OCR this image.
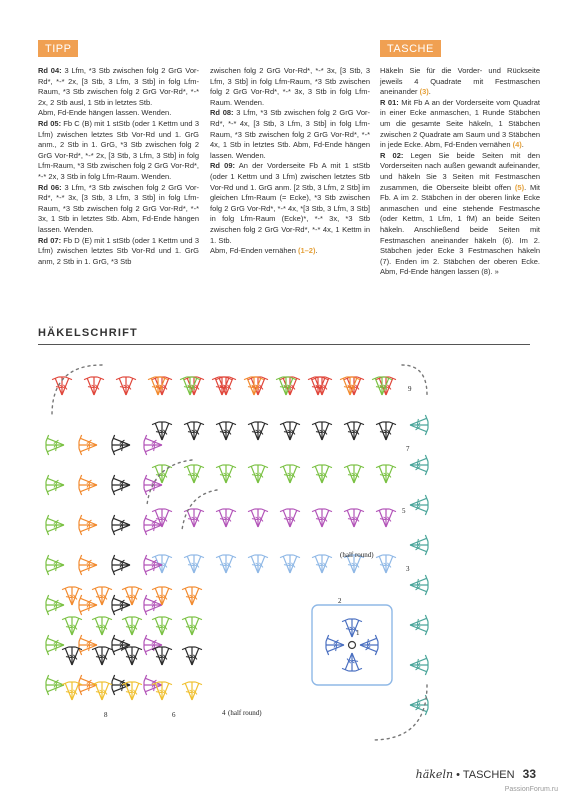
TIPP	TASCHE

Rd 04: 3 Lfm, *3 Stb zwischen folg 2 GrG Vor-Rd*, *-* 2x, [3 Stb, 3 Lfm, 3 Stb] in folg Lfm-Raum, *3 Stb zwischen folg 2 GrG Vor-Rd*, *-* 2x, 2 Stb ausl, 1 Stb in letztes Stb.

Abm, Fd-Ende hängen lassen. Wenden.

Rd 05: Fb C (B) mit 1 stStb (oder 1 Kettm und 3 Lfm) zwischen letztes Stb Vor-Rd und 1. GrG anm., 2 Stb in 1. GrG, *3 Stb zwischen folg 2 GrG Vor-Rd*, *-* 2x, [3 Stb, 3 Lfm, 3 Stb] in folg Lfm-Raum, *3 Stb zwischen folg 2 GrG Vor-Rd*, *-* 2x, 3 Stb in folg Lfm-Raum. Wenden.

Rd 06: 3 Lfm, *3 Stb zwischen folg 2 GrG Vor-Rd*, *-* 3x, [3 Stb, 3 Lfm, 3 Stb] in folg Lfm-Raum, *3 Stb zwischen folg 2 GrG Vor-Rd*, *-* 3x, 1 Stb in letztes Stb. Abm, Fd-Ende hängen lassen. Wenden.

Rd 07: Fb D (E) mit 1 stStb (oder 1 Kettm und 3 Lfm) zwischen letztes Stb Vor-Rd und 1. GrG anm, 2 Stb in 1. GrG, *3 Stb

zwischen folg 2 GrG Vor-Rd*, *-* 3x, [3 Stb, 3 Lfm, 3 Stb] in folg Lfm-Raum, *3 Stb zwischen folg 2 GrG Vor-Rd*, *-* 3x, 3 Stb in folg Lfm-Raum. Wenden.

Rd 08: 3 Lfm, *3 Stb zwischen folg 2 GrG Vor-Rd*, *-* 4x, [3 Stb, 3 Lfm, 3 Stb] in folg Lfm-Raum, *3 Stb zwischen folg 2 GrG Vor-Rd*, *-* 4x, 1 Stb in letztes Stb. Abm, Fd-Ende hängen lassen. Wenden.

Rd 09: An der Vorderseite Fb A mit 1 stStb (oder 1 Kettm und 3 Lfm) zwischen letztes Stb Vor-Rd und 1. GrG anm. [2 Stb, 3 Lfm, 2 Stb] im gleichen Lfm-Raum (= Ecke), *3 Stb zwischen folg 2 GrG Vor-Rd*, *-* 4x, *[3 Stb, 3 Lfm, 3 Stb] in folg Lfm-Raum (Ecke)*, *-* 3x, *3 Stb zwischen folg 2 GrG Vor-Rd*, *-* 4x, 1 Kettm in 1. Stb.

Abm, Fd-Enden vernähen (1–2).

Häkeln Sie für die Vorder- und Rückseite jeweils 4 Quadrate mit Festmaschen aneinander (3).

R 01: Mit Fb A an der Vorderseite vom Quadrat in einer Ecke anmaschen, 1 Runde Stäbchen um die gesamte Seite häkeln, 1 Stäbchen zwischen 2 Quadrate am Saum und 3 Stäbchen in jede Ecke. Abm, Fd-Enden vernähen (4).

R 02: Legen Sie beide Seiten mit den Vorderseiten nach außen gewandt aufeinander, und häkeln Sie 3 Seiten mit Festmaschen zusammen, die Oberseite bleibt offen (5). Mit Fb. A im 2. Stäbchen in der oberen linke Ecke anmaschen und eine stehende Festmasche (oder Kettm, 1 Lfm, 1 fM) an beide Seiten häkeln. Anschließend beide Seiten mit Festmaschen aneinander häkeln (6). Im 2. Stäbchen jeder Ecke 3 Festmaschen häkeln (7). Enden im 2. Stäbchen der oberen Ecke. Abm, Fd-Ende hängen lassen (8). »

HÄKELSCHRIFT
9
7
5
3
2
1
8	6	4
(half round)
(half round)
häkeln • TASCHEN 33
PassionForum.ru
